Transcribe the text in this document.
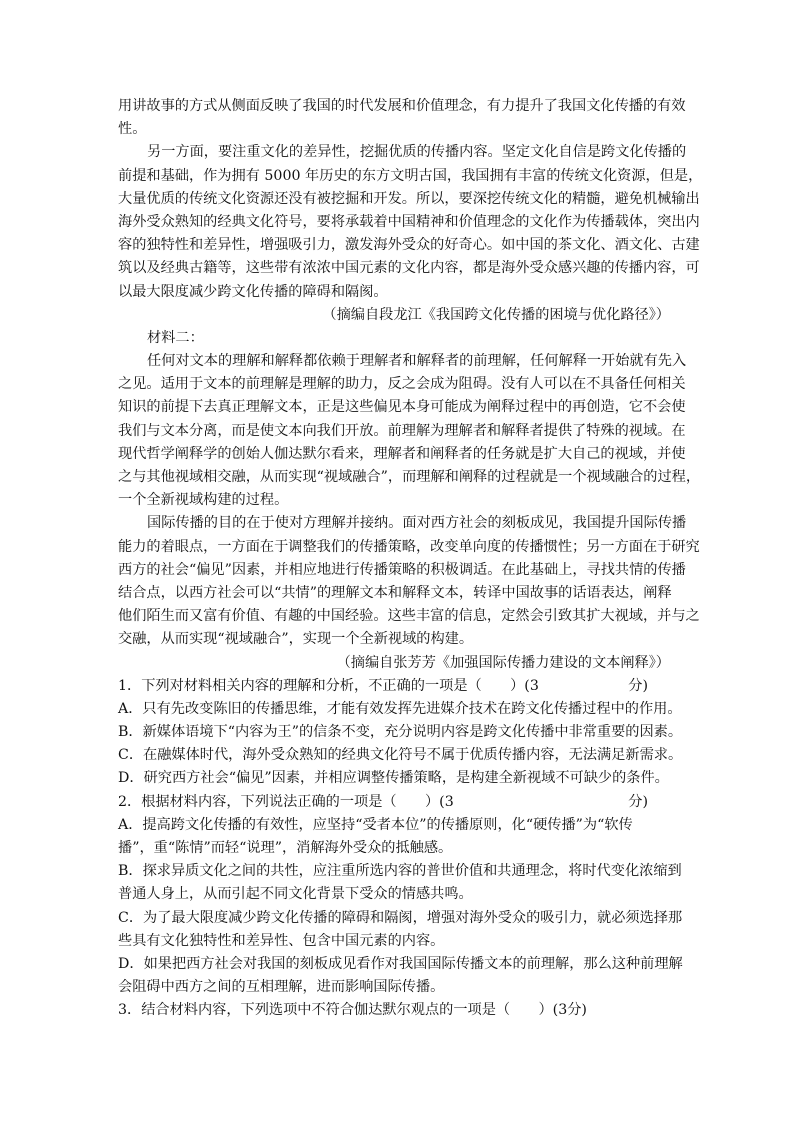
用讲故事的方式从侧面反映了我国的时代发展和价值理念，有力提升了我国文化传播的有效
性。
另一方面，要注重文化的差异性，挖掘优质的传播内容。坚定文化自信是跨文化传播的
前提和基础，作为拥有 5000 年历史的东方文明古国，我国拥有丰富的传统文化资源，但是，
大量优质的传统文化资源还没有被挖掘和开发。所以，要深挖传统文化的精髓，避免机械输出
海外受众熟知的经典文化符号，要将承载着中国精神和价值理念的文化作为传播载体，突出内
容的独特性和差异性，增强吸引力，激发海外受众的好奇心。如中国的茶文化、酒文化、古建
筑以及经典古籍等，这些带有浓浓中国元素的文化内容，都是海外受众感兴趣的传播内容，可
以最大限度减少跨文化传播的障碍和隔阂。
（摘编自段龙江《我国跨文化传播的困境与优化路径》）
材料二：
任何对文本的理解和解释都依赖于理解者和解释者的前理解，任何解释一开始就有先入
之见。适用于文本的前理解是理解的助力，反之会成为阻碍。没有人可以在不具备任何相关
知识的前提下去真正理解文本，正是这些偏见本身可能成为阐释过程中的再创造，它不会使
我们与文本分离，而是使文本向我们开放。前理解为理解者和解释者提供了特殊的视域。在
现代哲学阐释学的创始人伽达默尔看来，理解者和阐释者的任务就是扩大自己的视域，并使
之与其他视域相交融，从而实现“视域融合”，而理解和阐释的过程就是一个视域融合的过程，
一个全新视域构建的过程。
国际传播的目的在于使对方理解并接纳。面对西方社会的刻板成见，我国提升国际传播
能力的着眼点，一方面在于调整我们的传播策略，改变单向度的传播惯性；另一方面在于研究
西方的社会“偏见”因素，并相应地进行传播策略的积极调适。在此基础上，寻找共情的传播
结合点，以西方社会可以“共情”的理解文本和解释文本，转译中国故事的话语表达，阐释
他们陌生而又富有价值、有趣的中国经验。这些丰富的信息，定然会引致其扩大视域，并与之
交融，从而实现“视域融合”，实现一个全新视域的构建。
（摘编自张芳芳《加强国际传播力建设的文本阐释》）
1．下列对材料相关内容的理解和分析，不正确的一项是（　　）(3	分)
A．只有先改变陈旧的传播思维，才能有效发挥先进媒介技术在跨文化传播过程中的作用。
B．新媒体语境下“内容为王”的信条不变，充分说明内容是跨文化传播中非常重要的因素。
C．在融媒体时代，海外受众熟知的经典文化符号不属于优质传播内容，无法满足新需求。
D．研究西方社会“偏见”因素，并相应调整传播策略，是构建全新视域不可缺少的条件。
2．根据材料内容，下列说法正确的一项是（　　）(3	分)
A．提高跨文化传播的有效性，应坚持“受者本位”的传播原则，化“硬传播”为“软传
播”，重“陈情”而轻“说理”，消解海外受众的抵触感。
B．探求异质文化之间的共性，应注重所选内容的普世价值和共通理念，将时代变化浓缩到
普通人身上，从而引起不同文化背景下受众的情感共鸣。
C．为了最大限度减少跨文化传播的障碍和隔阂，增强对海外受众的吸引力，就必须选择那
些具有文化独特性和差异性、包含中国元素的内容。
D．如果把西方社会对我国的刻板成见看作对我国国际传播文本的前理解，那么这种前理解
会阻碍中西方之间的互相理解，进而影响国际传播。
3．结合材料内容，下列选项中不符合伽达默尔观点的一项是（　　）(3分)
